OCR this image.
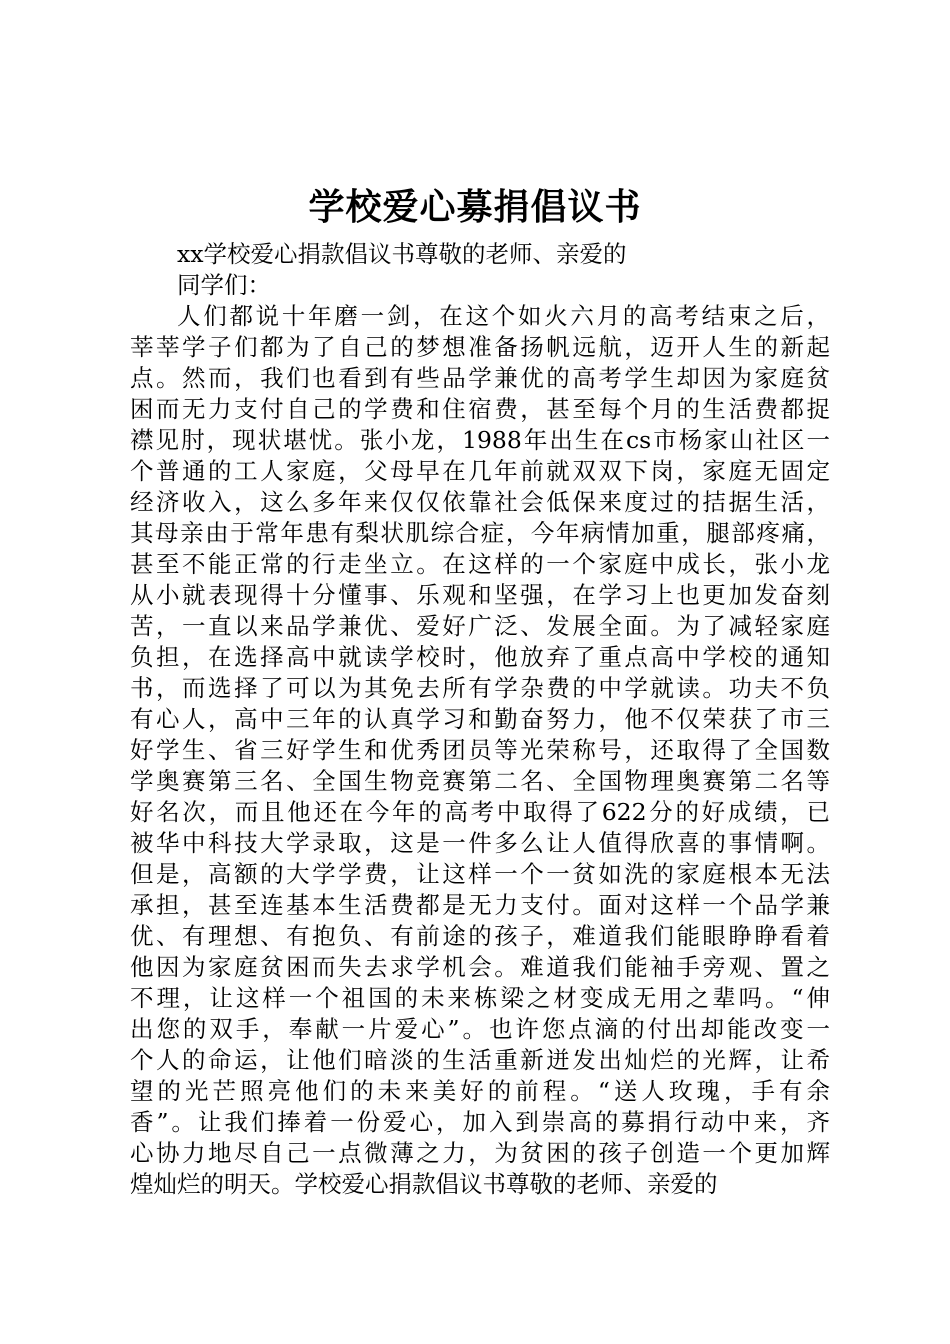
学校爱心募捐倡议书
xx学校爱心捐款倡议书尊敬的老师、亲爱的
同学们：
人们都说十年磨一剑，在这个如火六月的高考结束之后，
莘莘学子们都为了自己的梦想准备扬帆远航，迈开人生的新起
点。然而，我们也看到有些品学兼优的高考学生却因为家庭贫
困而无力支付自己的学费和住宿费，甚至每个月的生活费都捉
襟见肘，现状堪忧。张小龙，1988年出生在cs市杨家山社区一
个普通的工人家庭，父母早在几年前就双双下岗，家庭无固定
经济收入，这么多年来仅仅依靠社会低保来度过的拮据生活，
其母亲由于常年患有梨状肌综合症，今年病情加重，腿部疼痛，
甚至不能正常的行走坐立。在这样的一个家庭中成长，张小龙
从小就表现得十分懂事、乐观和坚强，在学习上也更加发奋刻
苦，一直以来品学兼优、爱好广泛、发展全面。为了减轻家庭
负担，在选择高中就读学校时，他放弃了重点高中学校的通知
书，而选择了可以为其免去所有学杂费的中学就读。功夫不负
有心人，高中三年的认真学习和勤奋努力，他不仅荣获了市三
好学生、省三好学生和优秀团员等光荣称号，还取得了全国数
学奥赛第三名、全国生物竞赛第二名、全国物理奥赛第二名等
好名次，而且他还在今年的高考中取得了622分的好成绩，已
被华中科技大学录取，这是一件多么让人值得欣喜的事情啊。
但是，高额的大学学费，让这样一个一贫如洗的家庭根本无法
承担，甚至连基本生活费都是无力支付。面对这样一个品学兼
优、有理想、有抱负、有前途的孩子，难道我们能眼睁睁看着
他因为家庭贫困而失去求学机会。难道我们能袖手旁观、置之
不理，让这样一个祖国的未来栋梁之材变成无用之辈吗。“伸
出您的双手，奉献一片爱心”。也许您点滴的付出却能改变一
个人的命运，让他们暗淡的生活重新迸发出灿烂的光辉，让希
望的光芒照亮他们的未来美好的前程。“送人玫瑰，手有余
香”。让我们捧着一份爱心，加入到崇高的募捐行动中来，齐
心协力地尽自己一点微薄之力，为贫困的孩子创造一个更加辉
煌灿烂的明天。学校爱心捐款倡议书尊敬的老师、亲爱的
